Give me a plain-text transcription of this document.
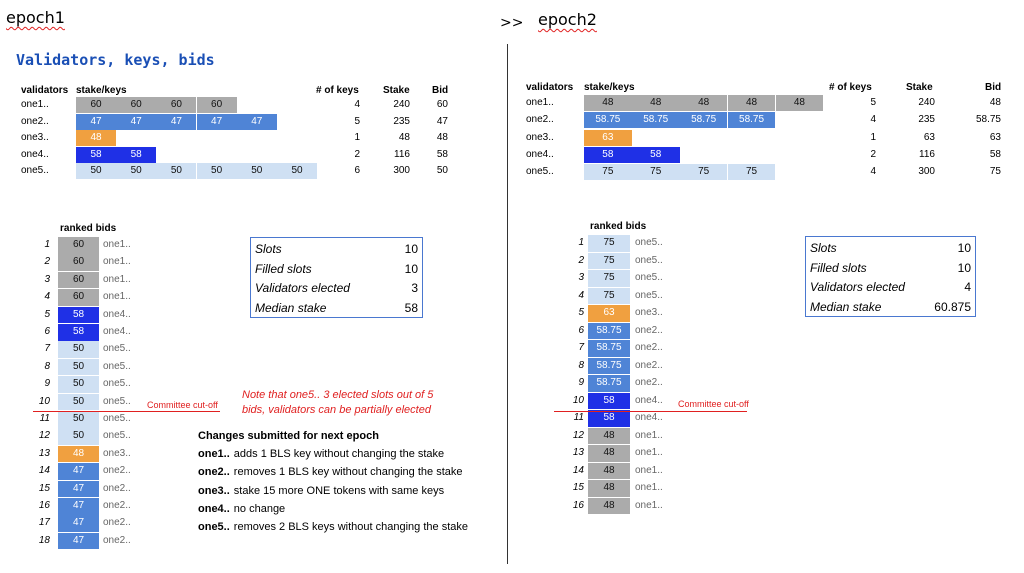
epoch1	>> epoch2
Validators, keys, bids
validators stake/keys	# of keys Stake Bid
one1..	60	60	60	60	4	240	60
one2..	47	47	47	47	47	5	235	47
one3..	48	1	48	48
one4..	58	58	2	116	58
one5..	50	50	50	50	50	50	6	300	50
ranked bids
1	60	one1..
2	60	one1..
3	60	one1..
4	60	one1..
5	58	one4..
6	58	one4..
7	50	one5..
8	50	one5..
9	50	one5..
10	50	one5..
11	50	one5..
12	50	one5..
13	48	one3..
14	47	one2..
15	47	one2..
16	47	one2..
17	47	one2..
18	47	one2..
Committee cut-off
Slots	10
Filled slots	10
Validators elected	3
Median stake	58
Note that one5.. 3 elected slots out of 5
bids, validators can be partially elected
Changes submitted for next epoch
one1.. adds 1 BLS key without changing the stake
one2.. removes 1 BLS key without changing the stake
one3.. stake 15 more ONE tokens with same keys
one4.. no change
one5.. removes 2 BLS keys without changing the stake
validators stake/keys	# of keys	Stake	Bid
one1..	48	48	48	48	48	5	240	48
one2..	58.75	58.75	58.75	58.75	4	235	58.75
one3..	63	1	63	63
one4..	58	58	2	116	58
one5..	75	75	75	75	4	300	75
ranked bids
1	75	one5..
2	75	one5..
3	75	one5..
4	75	one5..
5	63	one3..
6	58.75	one2..
7	58.75	one2..
8	58.75	one2..
9	58.75	one2..
10	58	one4..
11	58	one4..
12	48	one1..
13	48	one1..
14	48	one1..
15	48	one1..
16	48	one1..
Committee cut-off
Slots	10
Filled slots	10
Validators elected	4
Median stake	60.875
